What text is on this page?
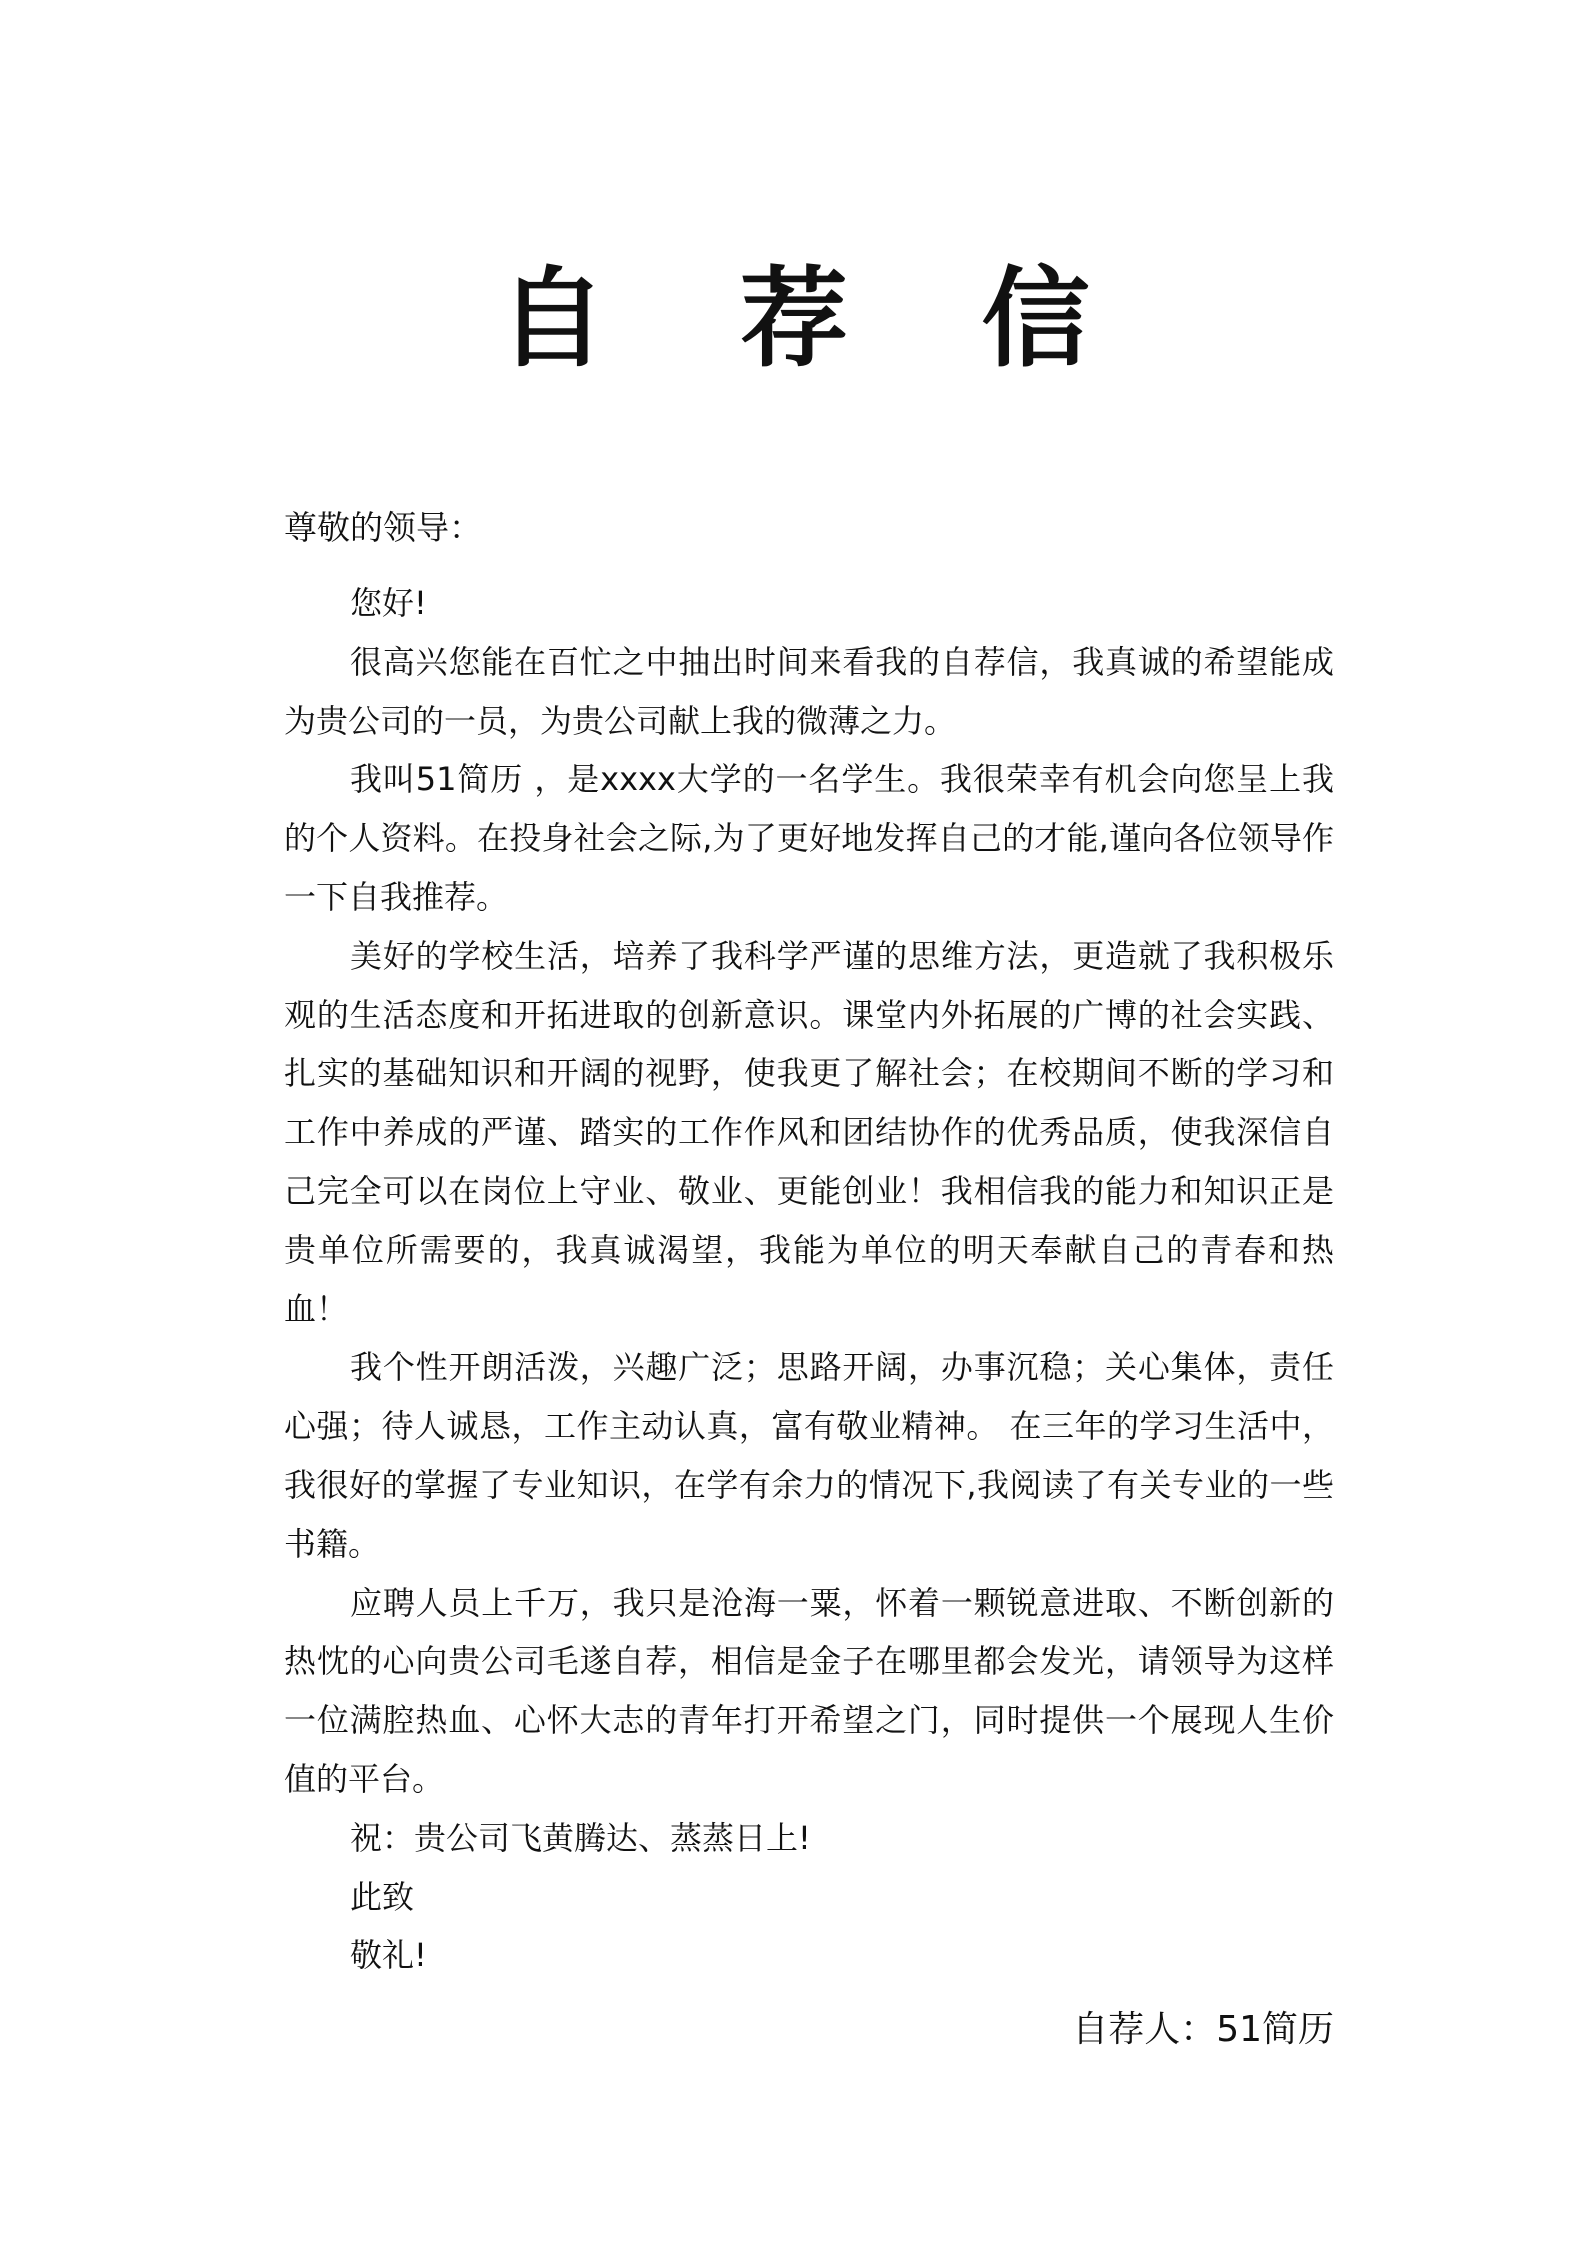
自 荐 信
尊敬的领导：

您好!

很高兴您能在百忙之中抽出时间来看我的自荐信，我真诚的希望能成为贵公司的一员，为贵公司献上我的微薄之力。

我叫51简历 ，是xxxx大学的一名学生。我很荣幸有机会向您呈上我的个人资料。在投身社会之际,为了更好地发挥自己的才能,谨向各位领导作一下自我推荐。

美好的学校生活，培养了我科学严谨的思维方法，更造就了我积极乐观的生活态度和开拓进取的创新意识。课堂内外拓展的广博的社会实践、扎实的基础知识和开阔的视野，使我更了解社会；在校期间不断的学习和工作中养成的严谨、踏实的工作作风和团结协作的优秀品质，使我深信自己完全可以在岗位上守业、敬业、更能创业！我相信我的能力和知识正是贵单位所需要的，我真诚渴望，我能为单位的明天奉献自己的青春和热血！

我个性开朗活泼，兴趣广泛；思路开阔，办事沉稳；关心集体，责任心强；待人诚恳，工作主动认真，富有敬业精神。 在三年的学习生活中，我很好的掌握了专业知识，在学有余力的情况下,我阅读了有关专业的一些书籍。

应聘人员上千万，我只是沧海一粟，怀着一颗锐意进取、不断创新的热忱的心向贵公司毛遂自荐，相信是金子在哪里都会发光，请领导为这样一位满腔热血、心怀大志的青年打开希望之门，同时提供一个展现人生价值的平台。

祝：贵公司飞黄腾达、蒸蒸日上!

此致

敬礼!

自荐人：51简历
